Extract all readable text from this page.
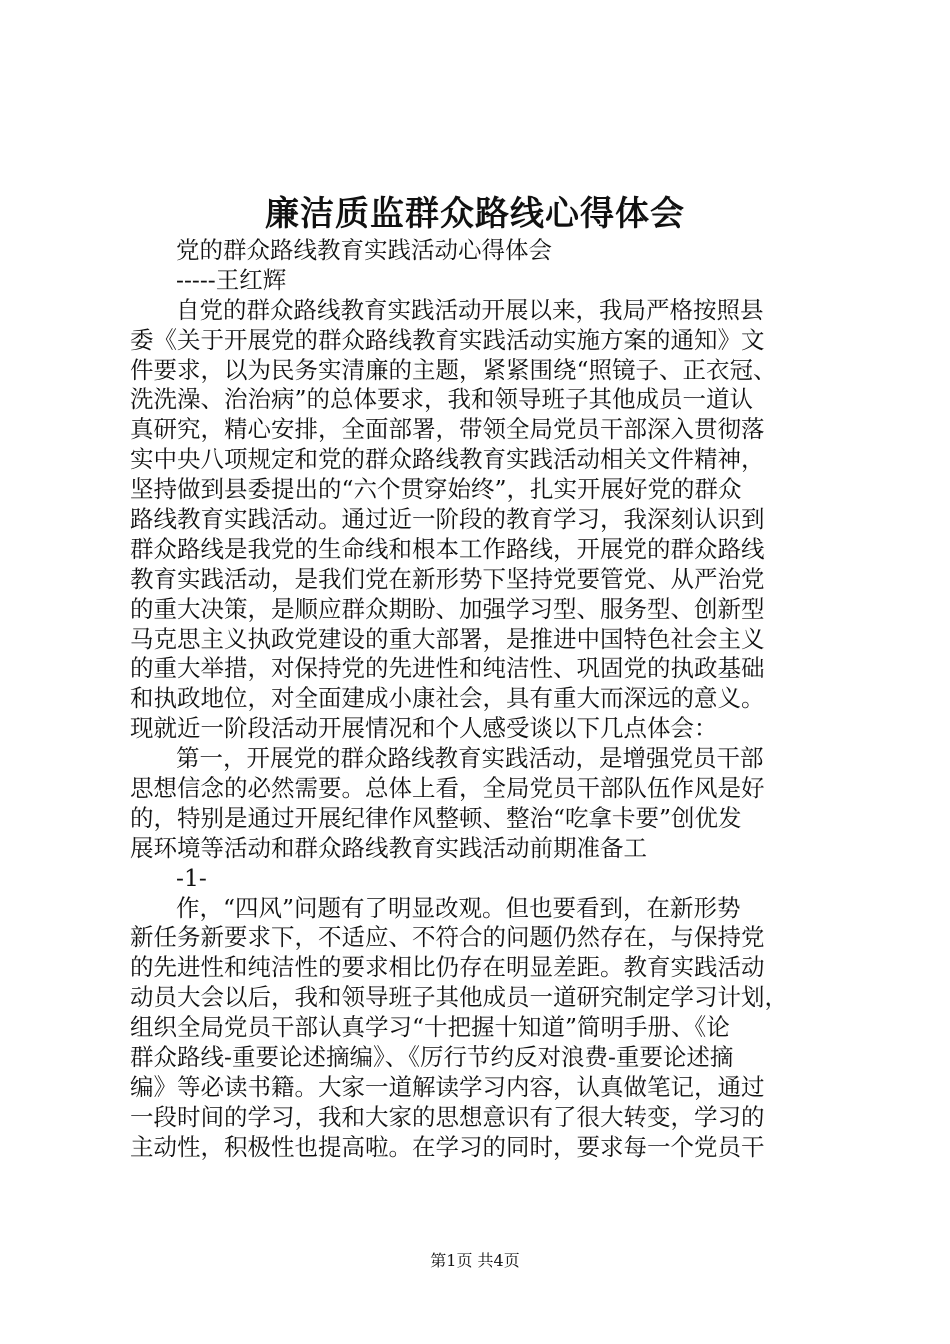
廉洁质监群众路线心得体会
党的群众路线教育实践活动心得体会
-----王红辉
自党的群众路线教育实践活动开展以来，我局严格按照县
委《关于开展党的群众路线教育实践活动实施方案的通知》文
件要求，以为民务实清廉的主题，紧紧围绕“照镜子、正衣冠、
洗洗澡、治治病”的总体要求，我和领导班子其他成员一道认
真研究，精心安排，全面部署，带领全局党员干部深入贯彻落
实中央八项规定和党的群众路线教育实践活动相关文件精神，
坚持做到县委提出的“六个贯穿始终”，扎实开展好党的群众
路线教育实践活动。通过近一阶段的教育学习，我深刻认识到
群众路线是我党的生命线和根本工作路线，开展党的群众路线
教育实践活动，是我们党在新形势下坚持党要管党、从严治党
的重大决策，是顺应群众期盼、加强学习型、服务型、创新型
马克思主义执政党建设的重大部署，是推进中国特色社会主义
的重大举措，对保持党的先进性和纯洁性、巩固党的执政基础
和执政地位，对全面建成小康社会，具有重大而深远的意义。
现就近一阶段活动开展情况和个人感受谈以下几点体会：
第一，开展党的群众路线教育实践活动，是增强党员干部
思想信念的必然需要。总体上看，全局党员干部队伍作风是好
的，特别是通过开展纪律作风整顿、整治“吃拿卡要”创优发
展环境等活动和群众路线教育实践活动前期准备工
-1-
作，“四风”问题有了明显改观。但也要看到，在新形势
新任务新要求下，不适应、不符合的问题仍然存在，与保持党
的先进性和纯洁性的要求相比仍存在明显差距。教育实践活动
动员大会以后，我和领导班子其他成员一道研究制定学习计划，
组织全局党员干部认真学习“十把握十知道”简明手册、《论
群众路线-重要论述摘编》、《厉行节约反对浪费-重要论述摘
编》等必读书籍。大家一道解读学习内容，认真做笔记，通过
一段时间的学习，我和大家的思想意识有了很大转变，学习的
主动性，积极性也提高啦。在学习的同时，要求每一个党员干
第1页 共4页
